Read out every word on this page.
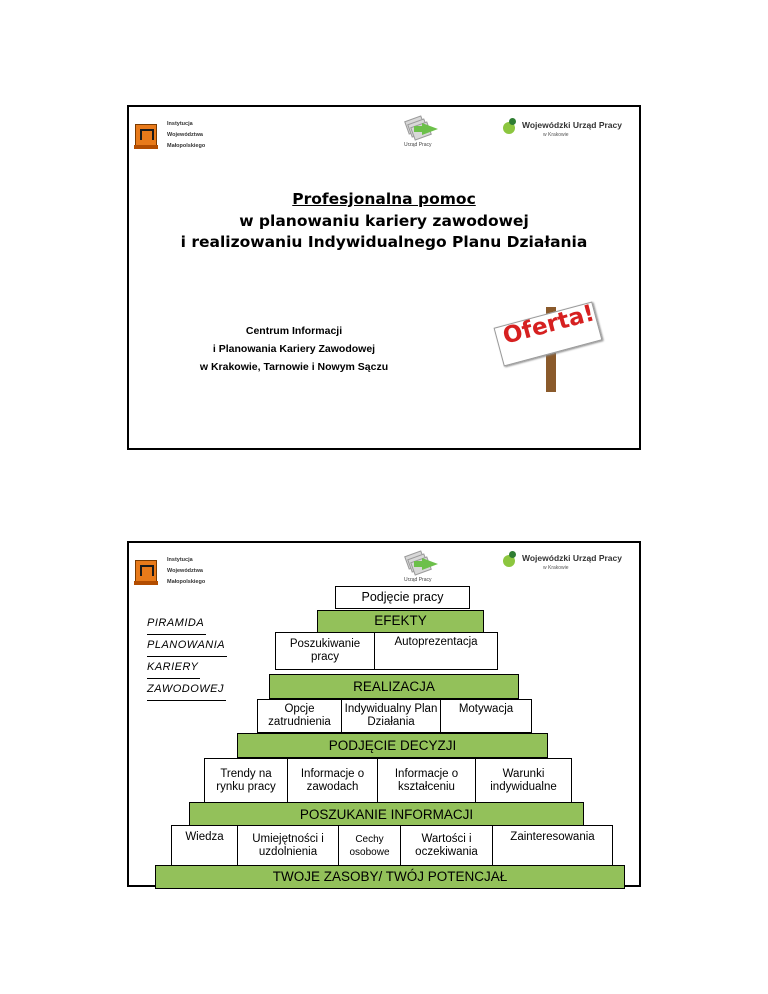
Instytucja
Województwa
Małopolskiego	Urząd Pracy
Wojewódzki Urząd Pracy
w Krakowie
Profesjonalna pomoc
w planowaniu kariery zawodowej
i realizowaniu Indywidualnego Planu Działania
Centrum Informacji
i Planowania Kariery Zawodowej
w Krakowie, Tarnowie i Nowym Sączu
Oferta!
Instytucja
Województwa
Małopolskiego	Urząd Pracy
Wojewódzki Urząd Pracy
w Krakowie
PIRAMIDA
PLANOWANIA
KARIERY
ZAWODOWEJ
Podjęcie pracy
EFEKTY
Poszukiwanie pracy
Autoprezentacja
REALIZACJA
Opcje zatrudnienia
Indywidualny Plan Działania
Motywacja
PODJĘCIE DECYZJI
Trendy na rynku pracy
Informacje o zawodach
Informacje o kształceniu
Warunki indywidualne
POSZUKANIE INFORMACJI
Wiedza	Umiejętności i uzdolnienia
Cechy osobowe
Wartości i oczekiwania
Zainteresowania
TWOJE ZASOBY/ TWÓJ POTENCJAŁ
